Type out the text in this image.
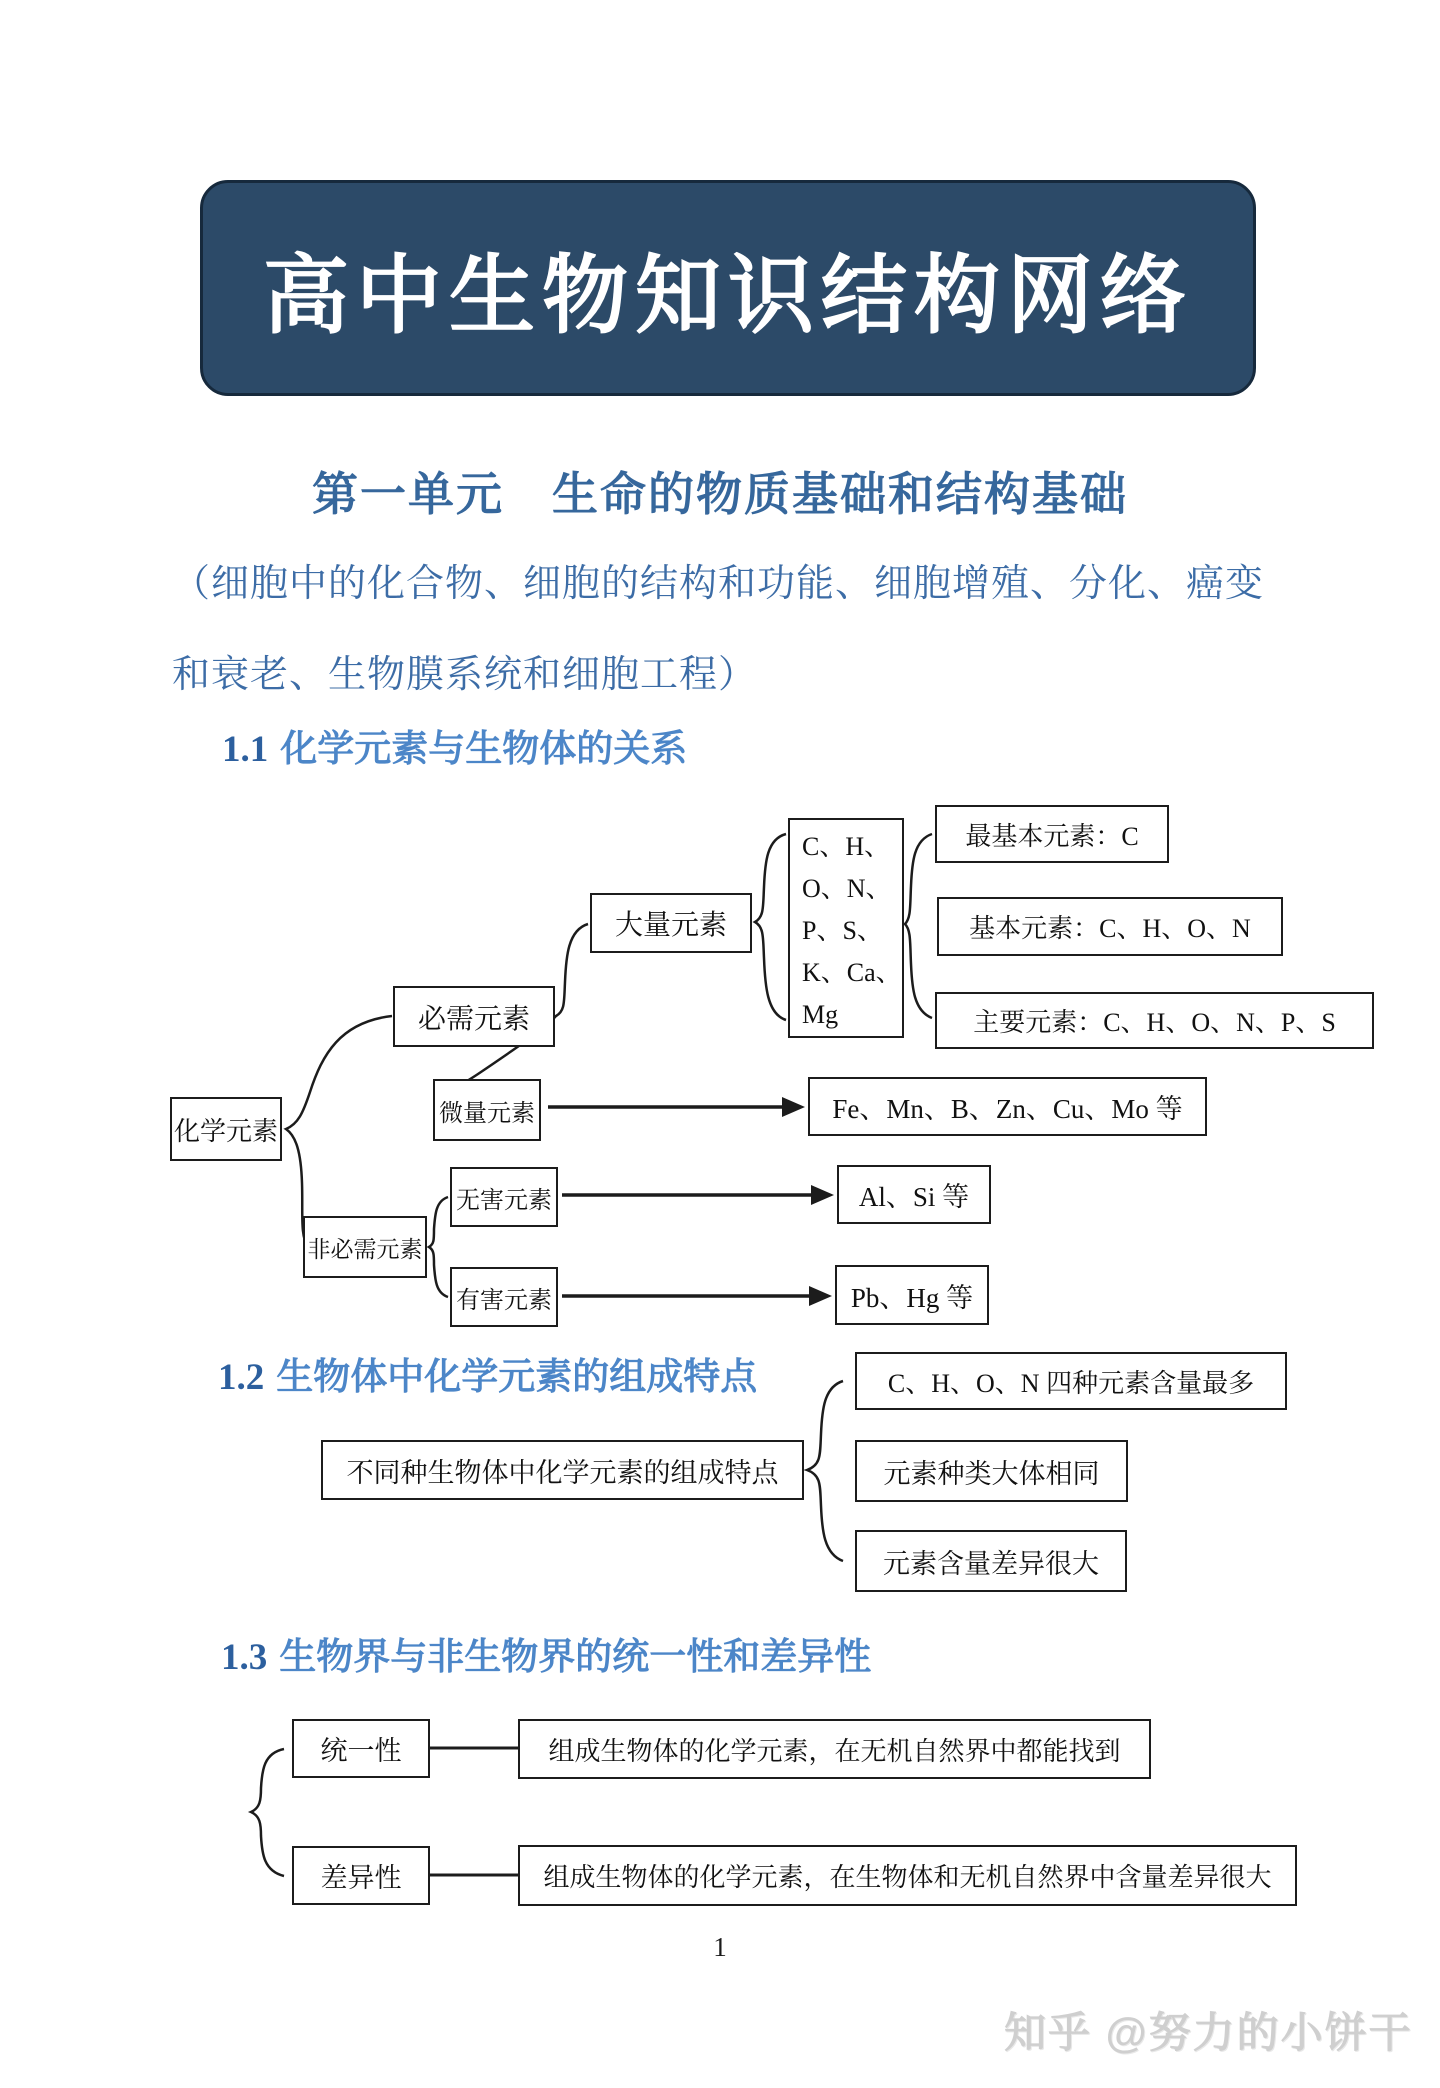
高中生物知识结构网络
第一单元　生命的物质基础和结构基础
（细胞中的化合物、细胞的结构和功能、细胞增殖、分化、癌变
和衰老、生物膜系统和细胞工程）
1.1 化学元素与生物体的关系
化学元素
必需元素
非必需元素
大量元素
微量元素
C、H、
O、N、
P、S、
K、Ca、
Mg
最基本元素：C
基本元素：C、H、O、N
主要元素：C、H、O、N、P、S
Fe、Mn、B、Zn、Cu、Mo 等
无害元素	Al、Si 等
有害元素	Pb、Hg 等
1.2 生物体中化学元素的组成特点
不同种生物体中化学元素的组成特点
C、H、O、N 四种元素含量最多
元素种类大体相同
元素含量差异很大
1.3 生物界与非生物界的统一性和差异性
统一性	组成生物体的化学元素，在无机自然界中都能找到
差异性	组成生物体的化学元素，在生物体和无机自然界中含量差异很大
1
知乎 @努力的小饼干
